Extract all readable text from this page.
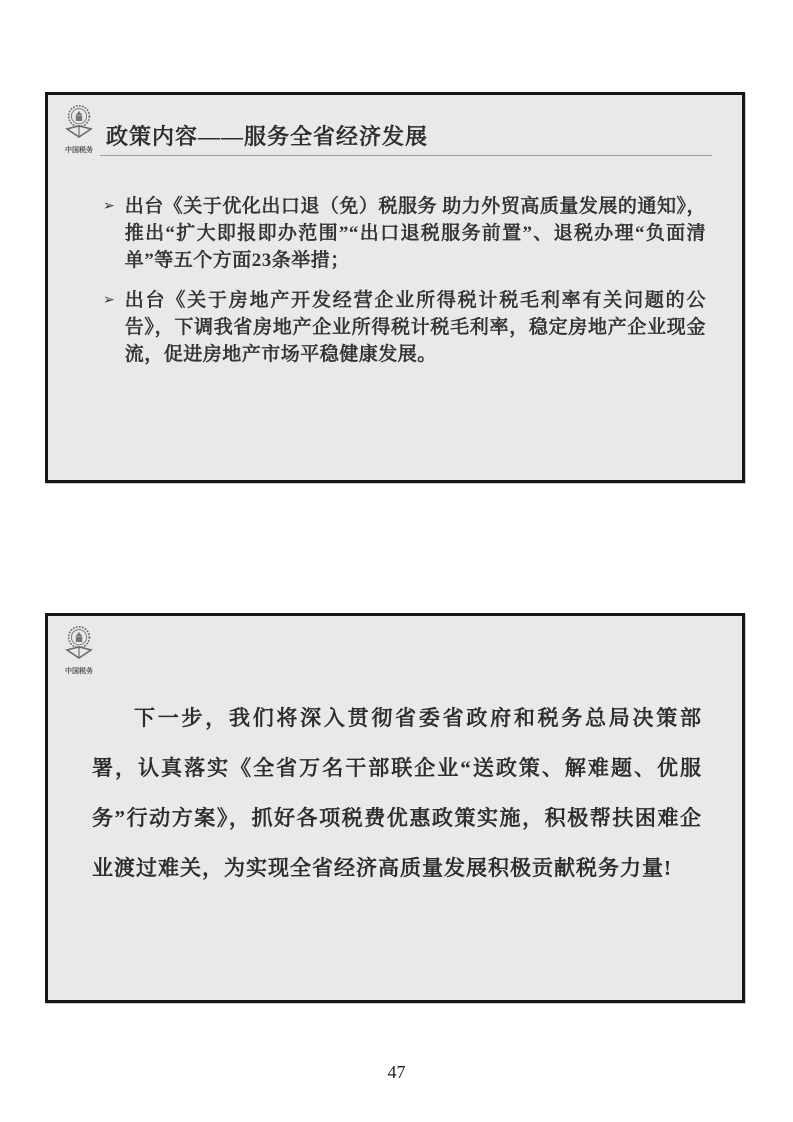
中国税务
政策内容——服务全省经济发展
➢ 出台《关于优化出口退（免）税服务 助力外贸高质量发展的通知》，推出“扩大即报即办范围”“出口退税服务前置”、退税办理“负面清单”等五个方面23条举措；
➢ 出台《关于房地产开发经营企业所得税计税毛利率有关问题的公告》，下调我省房地产企业所得税计税毛利率，稳定房地产企业现金流，促进房地产市场平稳健康发展。
中国税务

下一步，我们将深入贯彻省委省政府和税务总局决策部署，认真落实《全省万名干部联企业“送政策、解难题、优服务”行动方案》，抓好各项税费优惠政策实施，积极帮扶困难企业渡过难关，为实现全省经济高质量发展积极贡献税务力量!

47
